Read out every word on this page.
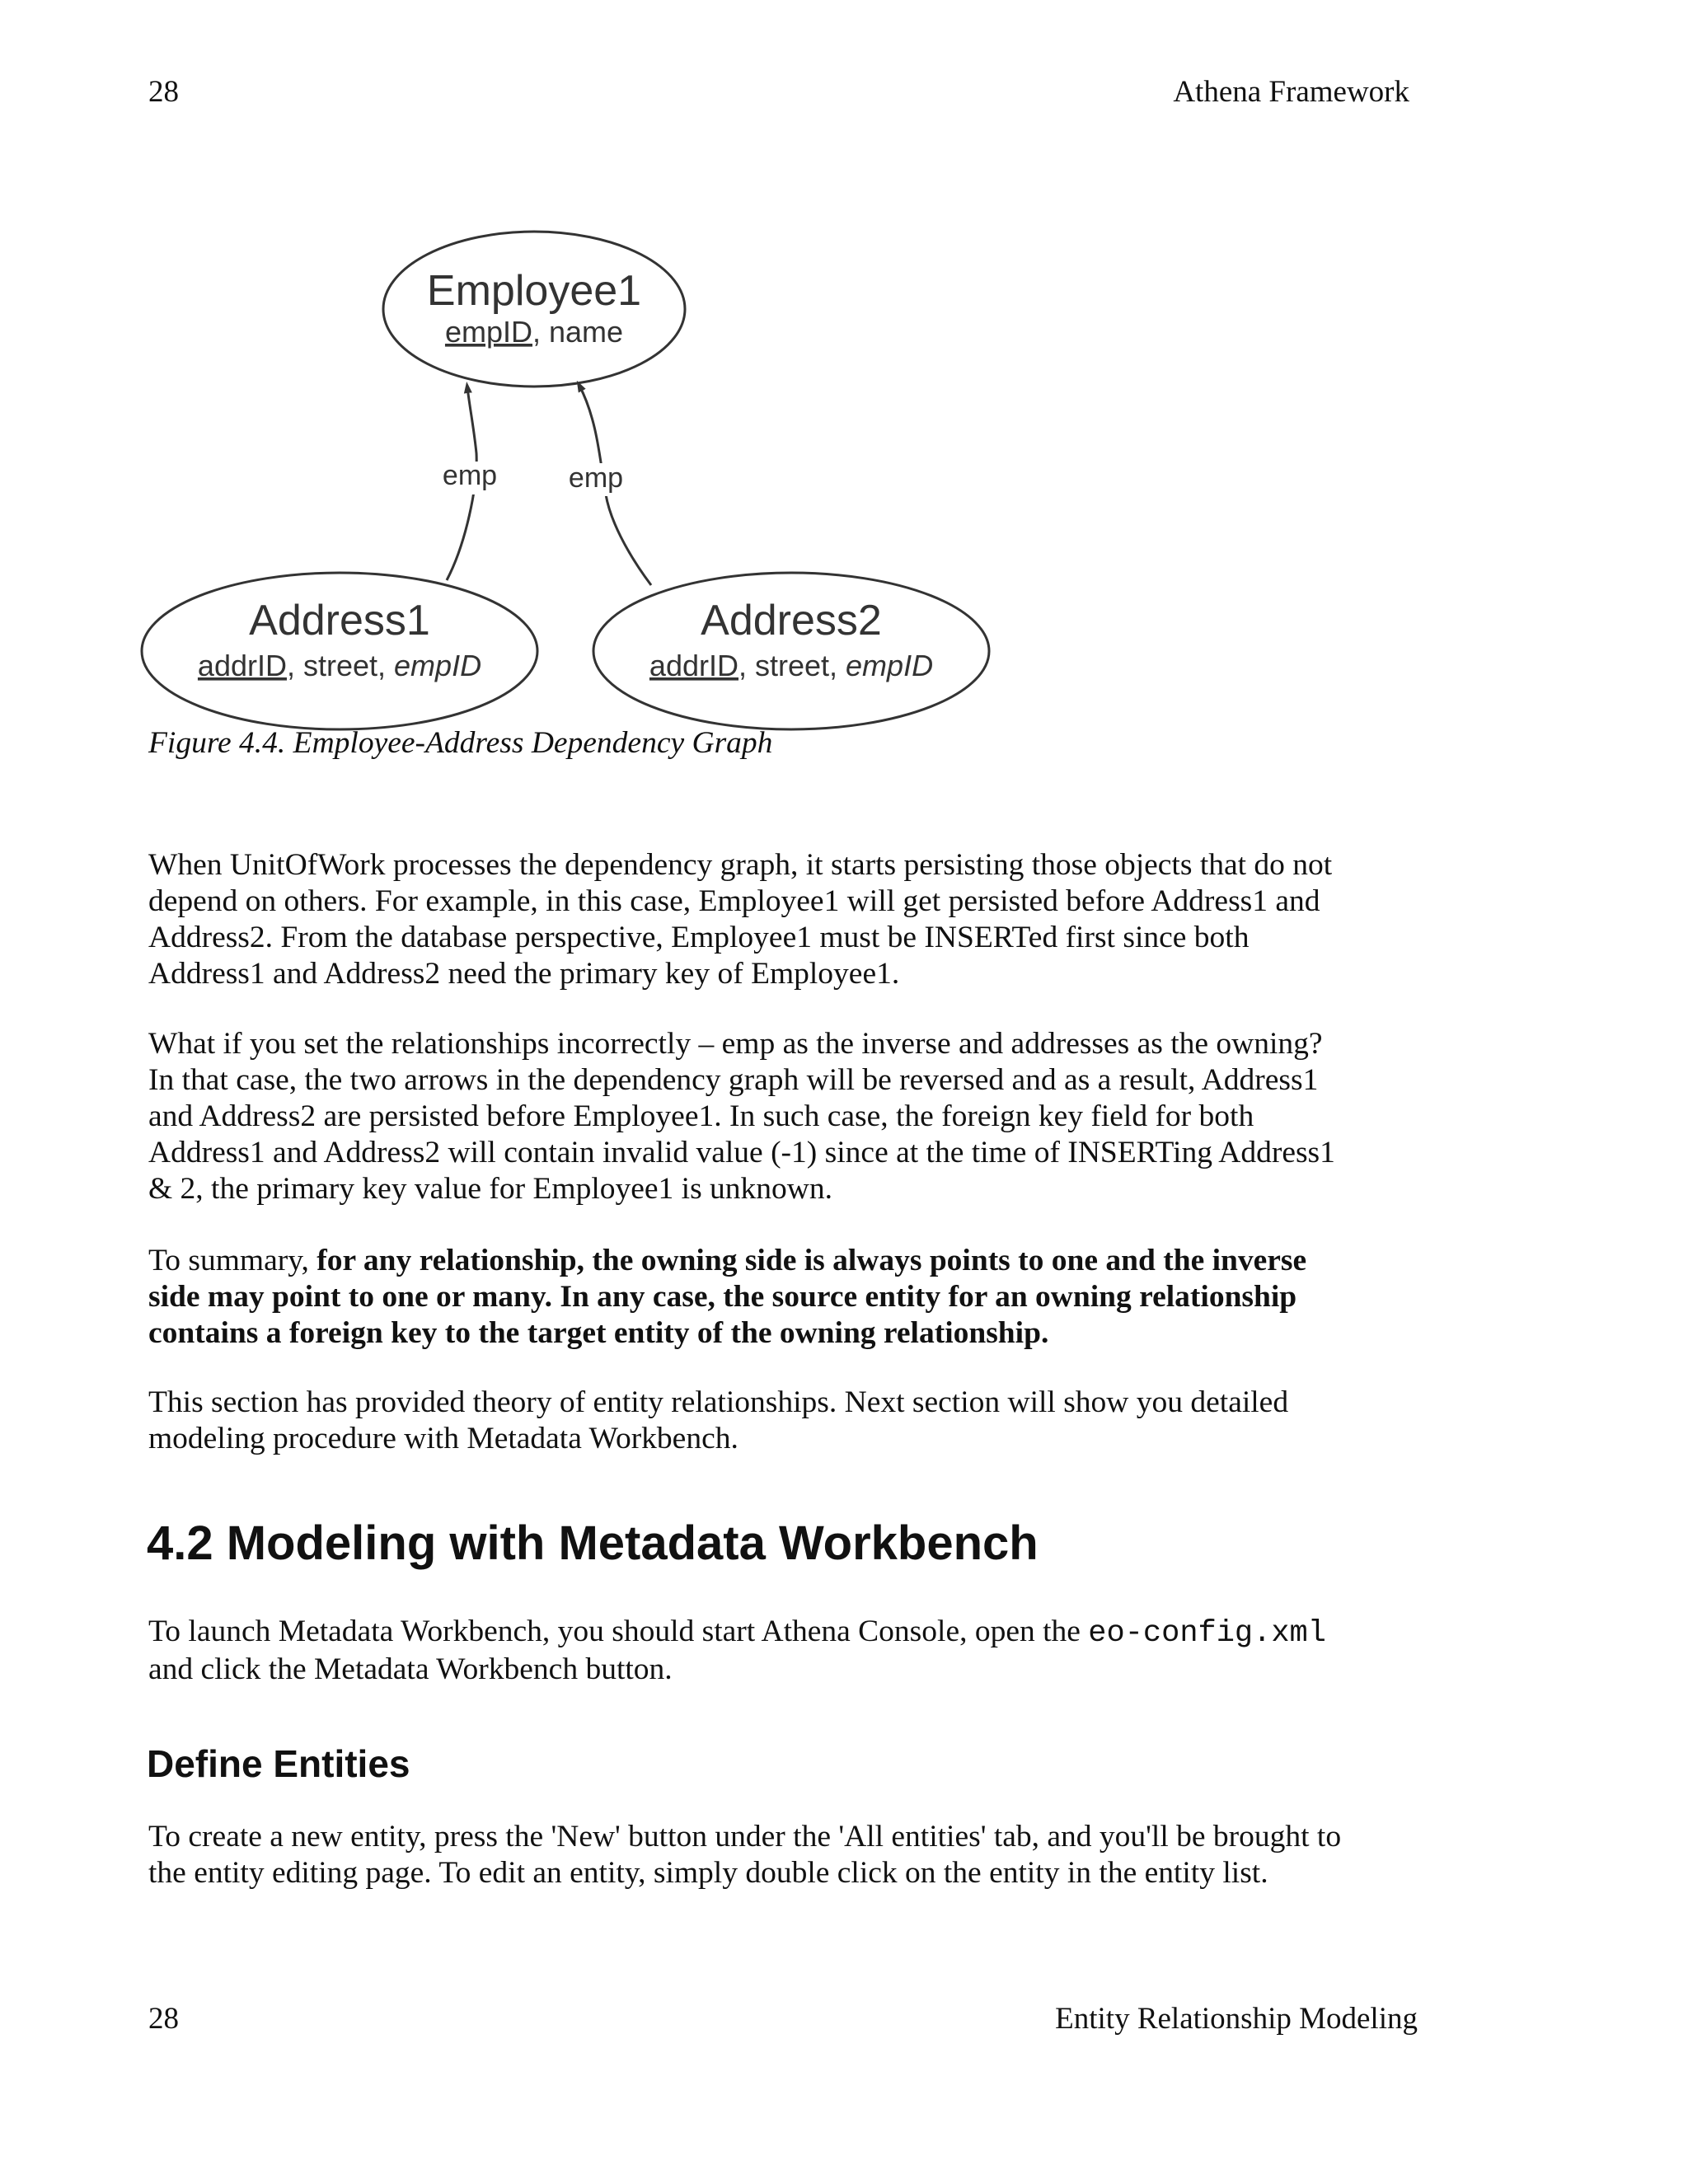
28	Athena Framework
Employee1
empID, name
Address1
addrID, street, empID
Address2
addrID, street, empID
emp	emp
Figure 4.4. Employee-Address Dependency Graph
When UnitOfWork processes the dependency graph, it starts persisting those objects that do not
depend on others. For example, in this case, Employee1 will get persisted before Address1 and
Address2. From the database perspective, Employee1 must be INSERTed first since both
Address1 and Address2 need the primary key of Employee1.
What if you set the relationships incorrectly – emp as the inverse and addresses as the owning?
In that case, the two arrows in the dependency graph will be reversed and as a result, Address1
and Address2 are persisted before Employee1. In such case, the foreign key field for both
Address1 and Address2 will contain invalid value (-1) since at the time of INSERTing Address1
& 2, the primary key value for Employee1 is unknown.
To summary, for any relationship, the owning side is always points to one and the inverse
side may point to one or many. In any case, the source entity for an owning relationship
contains a foreign key to the target entity of the owning relationship.
This section has provided theory of entity relationships. Next section will show you detailed
modeling procedure with Metadata Workbench.
4.2 Modeling with Metadata Workbench
To launch Metadata Workbench, you should start Athena Console, open the eo-config.xml
and click the Metadata Workbench button.
Define Entities
To create a new entity, press the 'New' button under the 'All entities' tab, and you'll be brought to
the entity editing page. To edit an entity, simply double click on the entity in the entity list.
28	Entity Relationship Modeling
